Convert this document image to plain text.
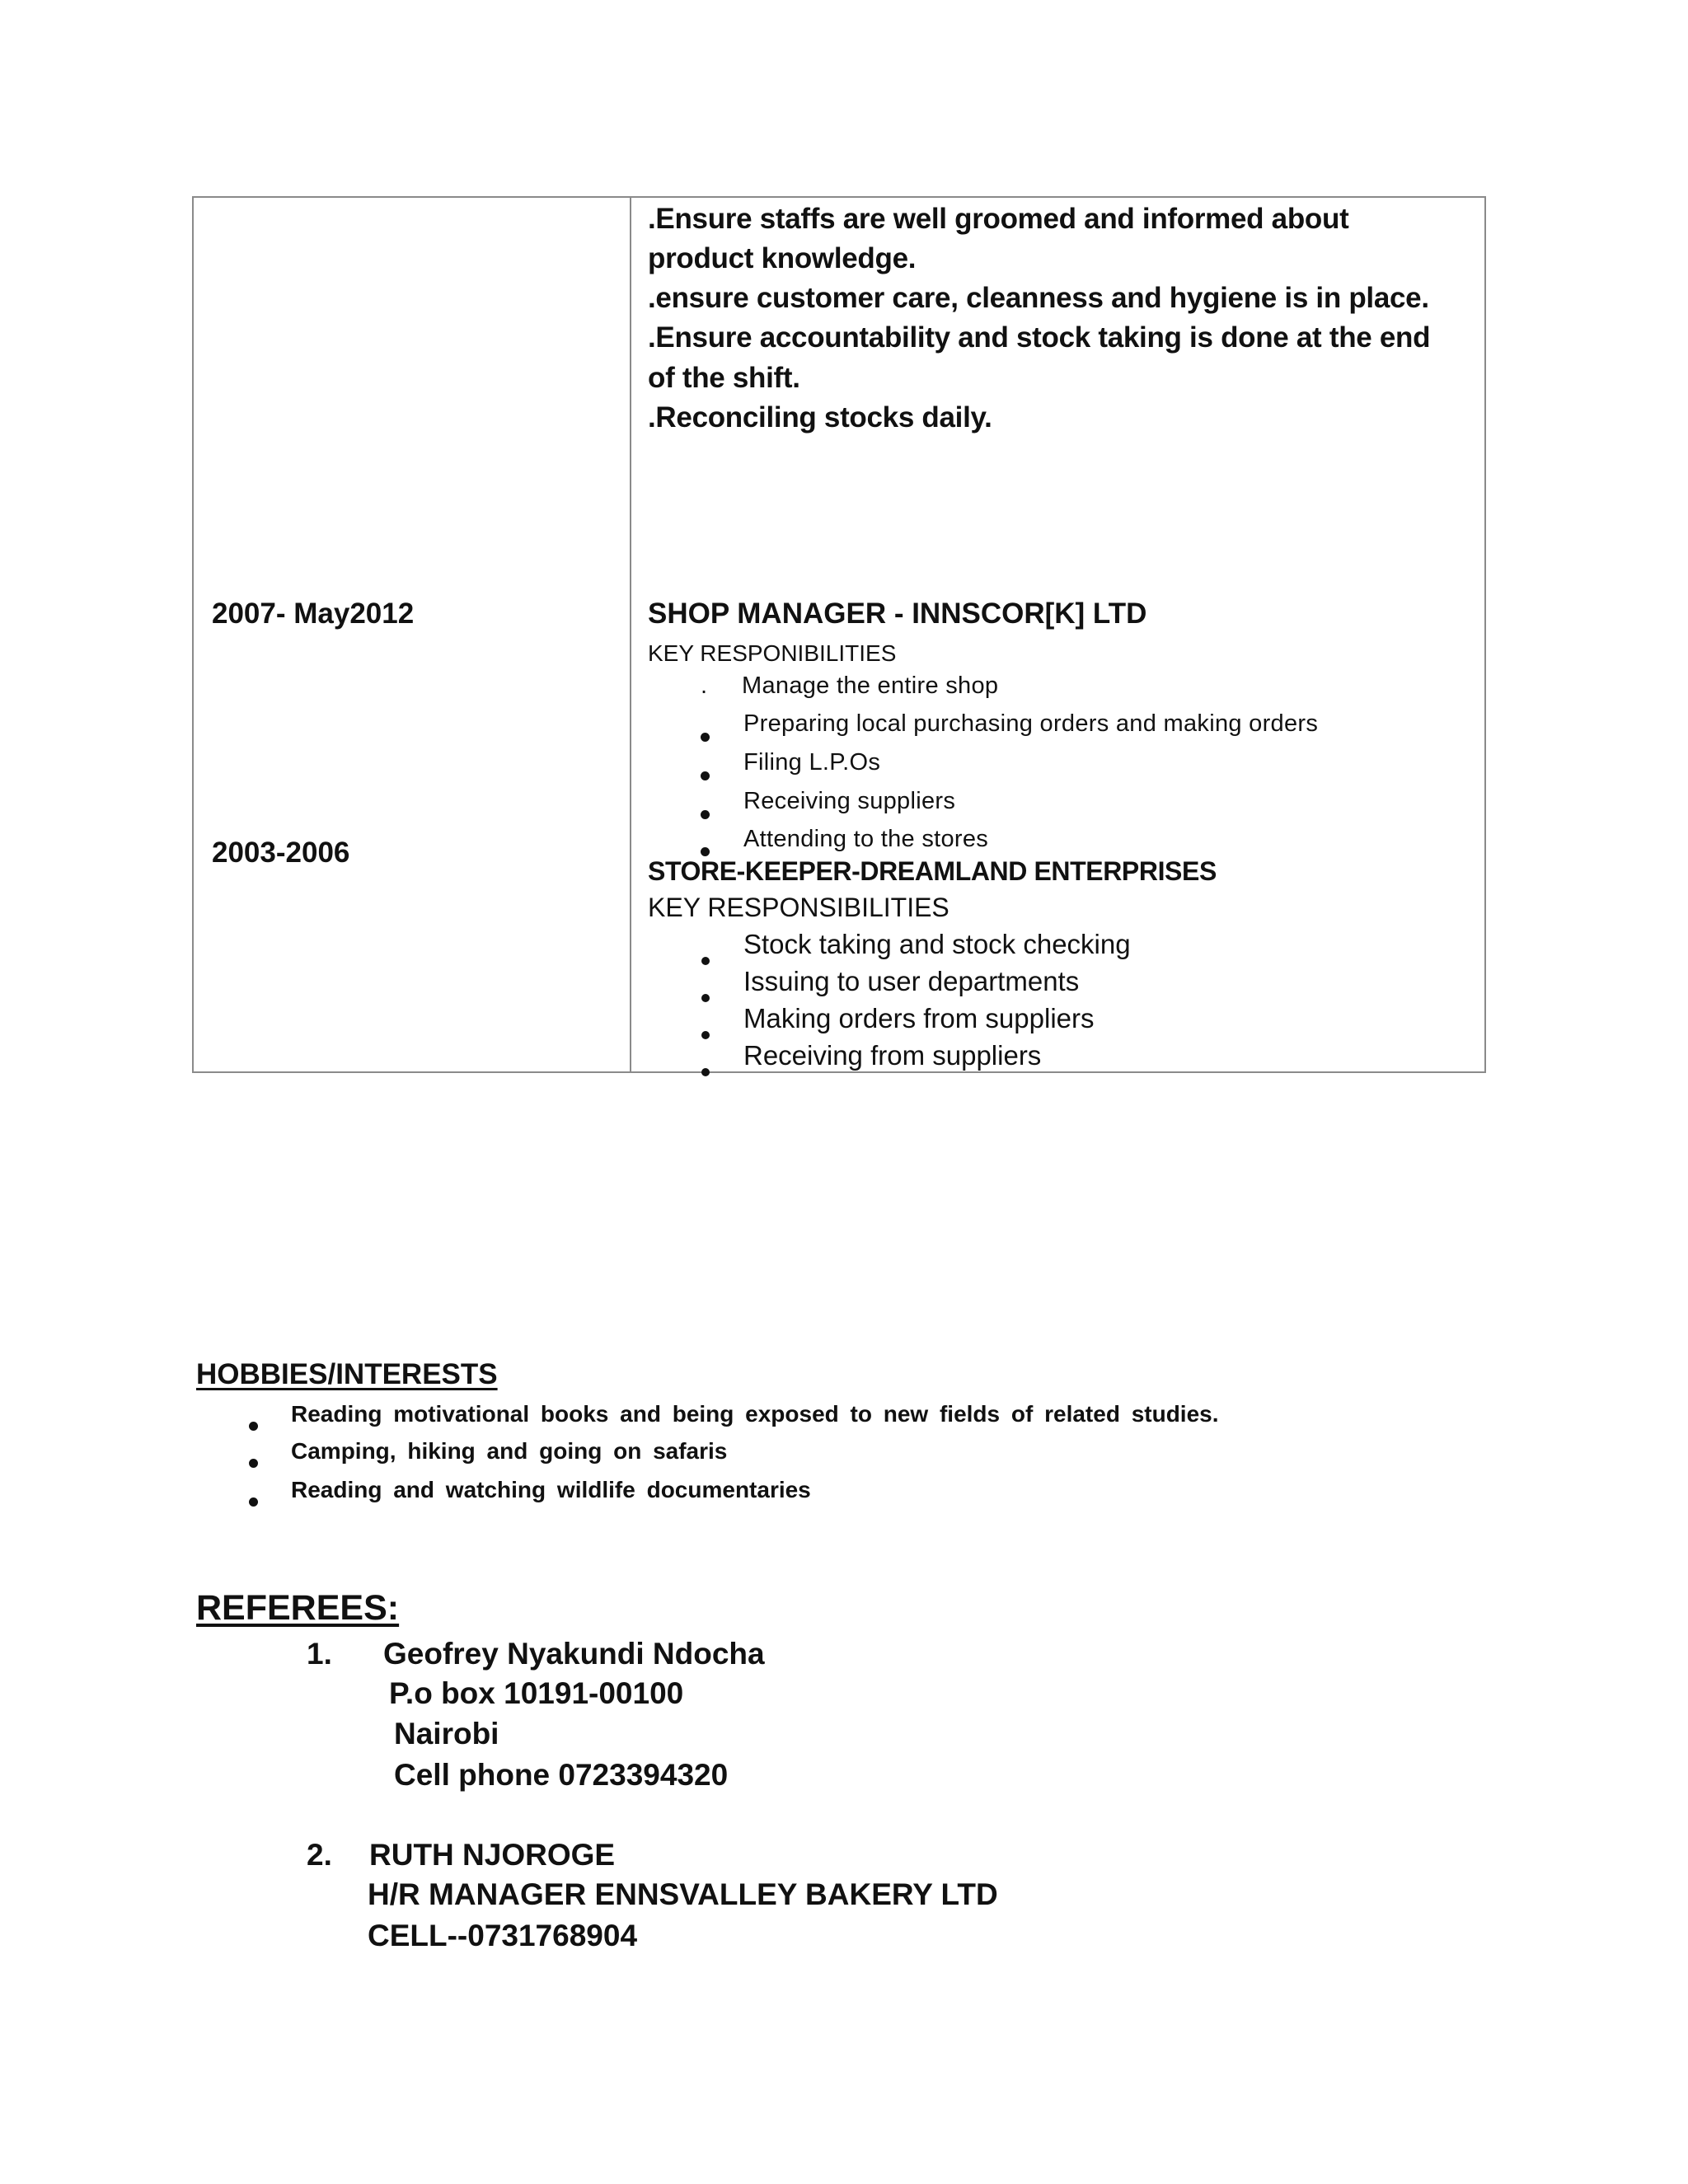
.Ensure staffs are well groomed and informed about
product knowledge.
.ensure customer care, cleanness and hygiene is in place.
.Ensure accountability and stock taking is done at the end
of the shift.
.Reconciling stocks daily.
2007- May2012	SHOP MANAGER - INNSCOR[K] LTD
KEY RESPONIBILITIES
. Manage the entire shop
Preparing local purchasing orders and making orders
Filing L.P.Os
Receiving suppliers
Attending to the stores
2003-2006
STORE-KEEPER-DREAMLAND ENTERPRISES
KEY RESPONSIBILITIES
Stock taking and stock checking
Issuing to user departments
Making orders from suppliers
Receiving from suppliers
HOBBIES/INTERESTS
Reading motivational books and being exposed to new fields of related studies.
Camping, hiking and going on safaris
Reading and watching wildlife documentaries
REFEREES:
1. Geofrey Nyakundi Ndocha
P.o box 10191-00100
Nairobi
Cell phone 0723394320
2. RUTH NJOROGE
H/R MANAGER ENNSVALLEY BAKERY LTD
CELL--0731768904
